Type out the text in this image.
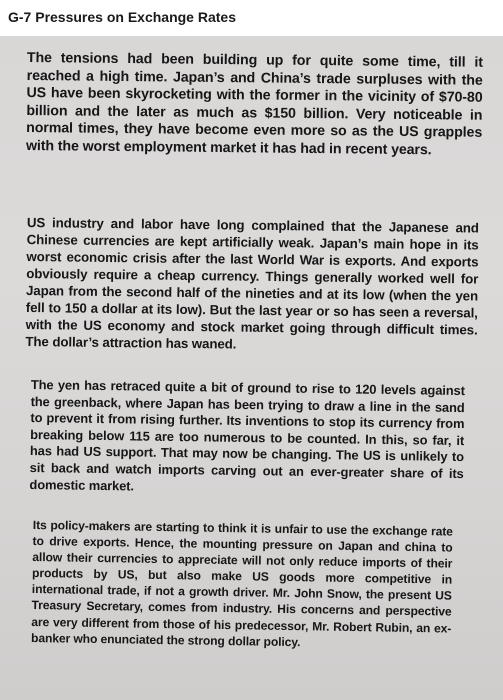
G-7 Pressures on Exchange Rates

The tensions had been building up for quite some time, till it reached a high time. Japan’s and China’s trade surpluses with the US have been skyrocketing with the former in the vicinity of $70-80 billion and the later as much as $150 billion. Very noticeable in normal times, they have become even more so as the US grapples with the worst employment market it has had in recent years.

US industry and labor have long complained that the Japanese and Chinese currencies are kept artificially weak. Japan’s main hope in its worst economic crisis after the last World War is exports. And exports obviously require a cheap currency. Things generally worked well for Japan from the second half of the nineties and at its low (when the yen fell to 150 a dollar at its low). But the last year or so has seen a reversal, with the US economy and stock market going through difficult times. The dollar’s attraction has waned.

The yen has retraced quite a bit of ground to rise to 120 levels against the greenback, where Japan has been trying to draw a line in the sand to prevent it from rising further. Its inventions to stop its currency from breaking below 115 are too numerous to be counted. In this, so far, it has had US support. That may now be changing. The US is unlikely to sit back and watch imports carving out an ever-greater share of its domestic market.

Its policy-makers are starting to think it is unfair to use the exchange rate to drive exports. Hence, the mounting pressure on Japan and china to allow their currencies to appreciate will not only reduce imports of their products by US, but also make US goods more competitive in international trade, if not a growth driver. Mr. John Snow, the present US Treasury Secretary, comes from industry. His concerns and perspective are very different from those of his predecessor, Mr. Robert Rubin, an ex- banker who enunciated the strong dollar policy.
